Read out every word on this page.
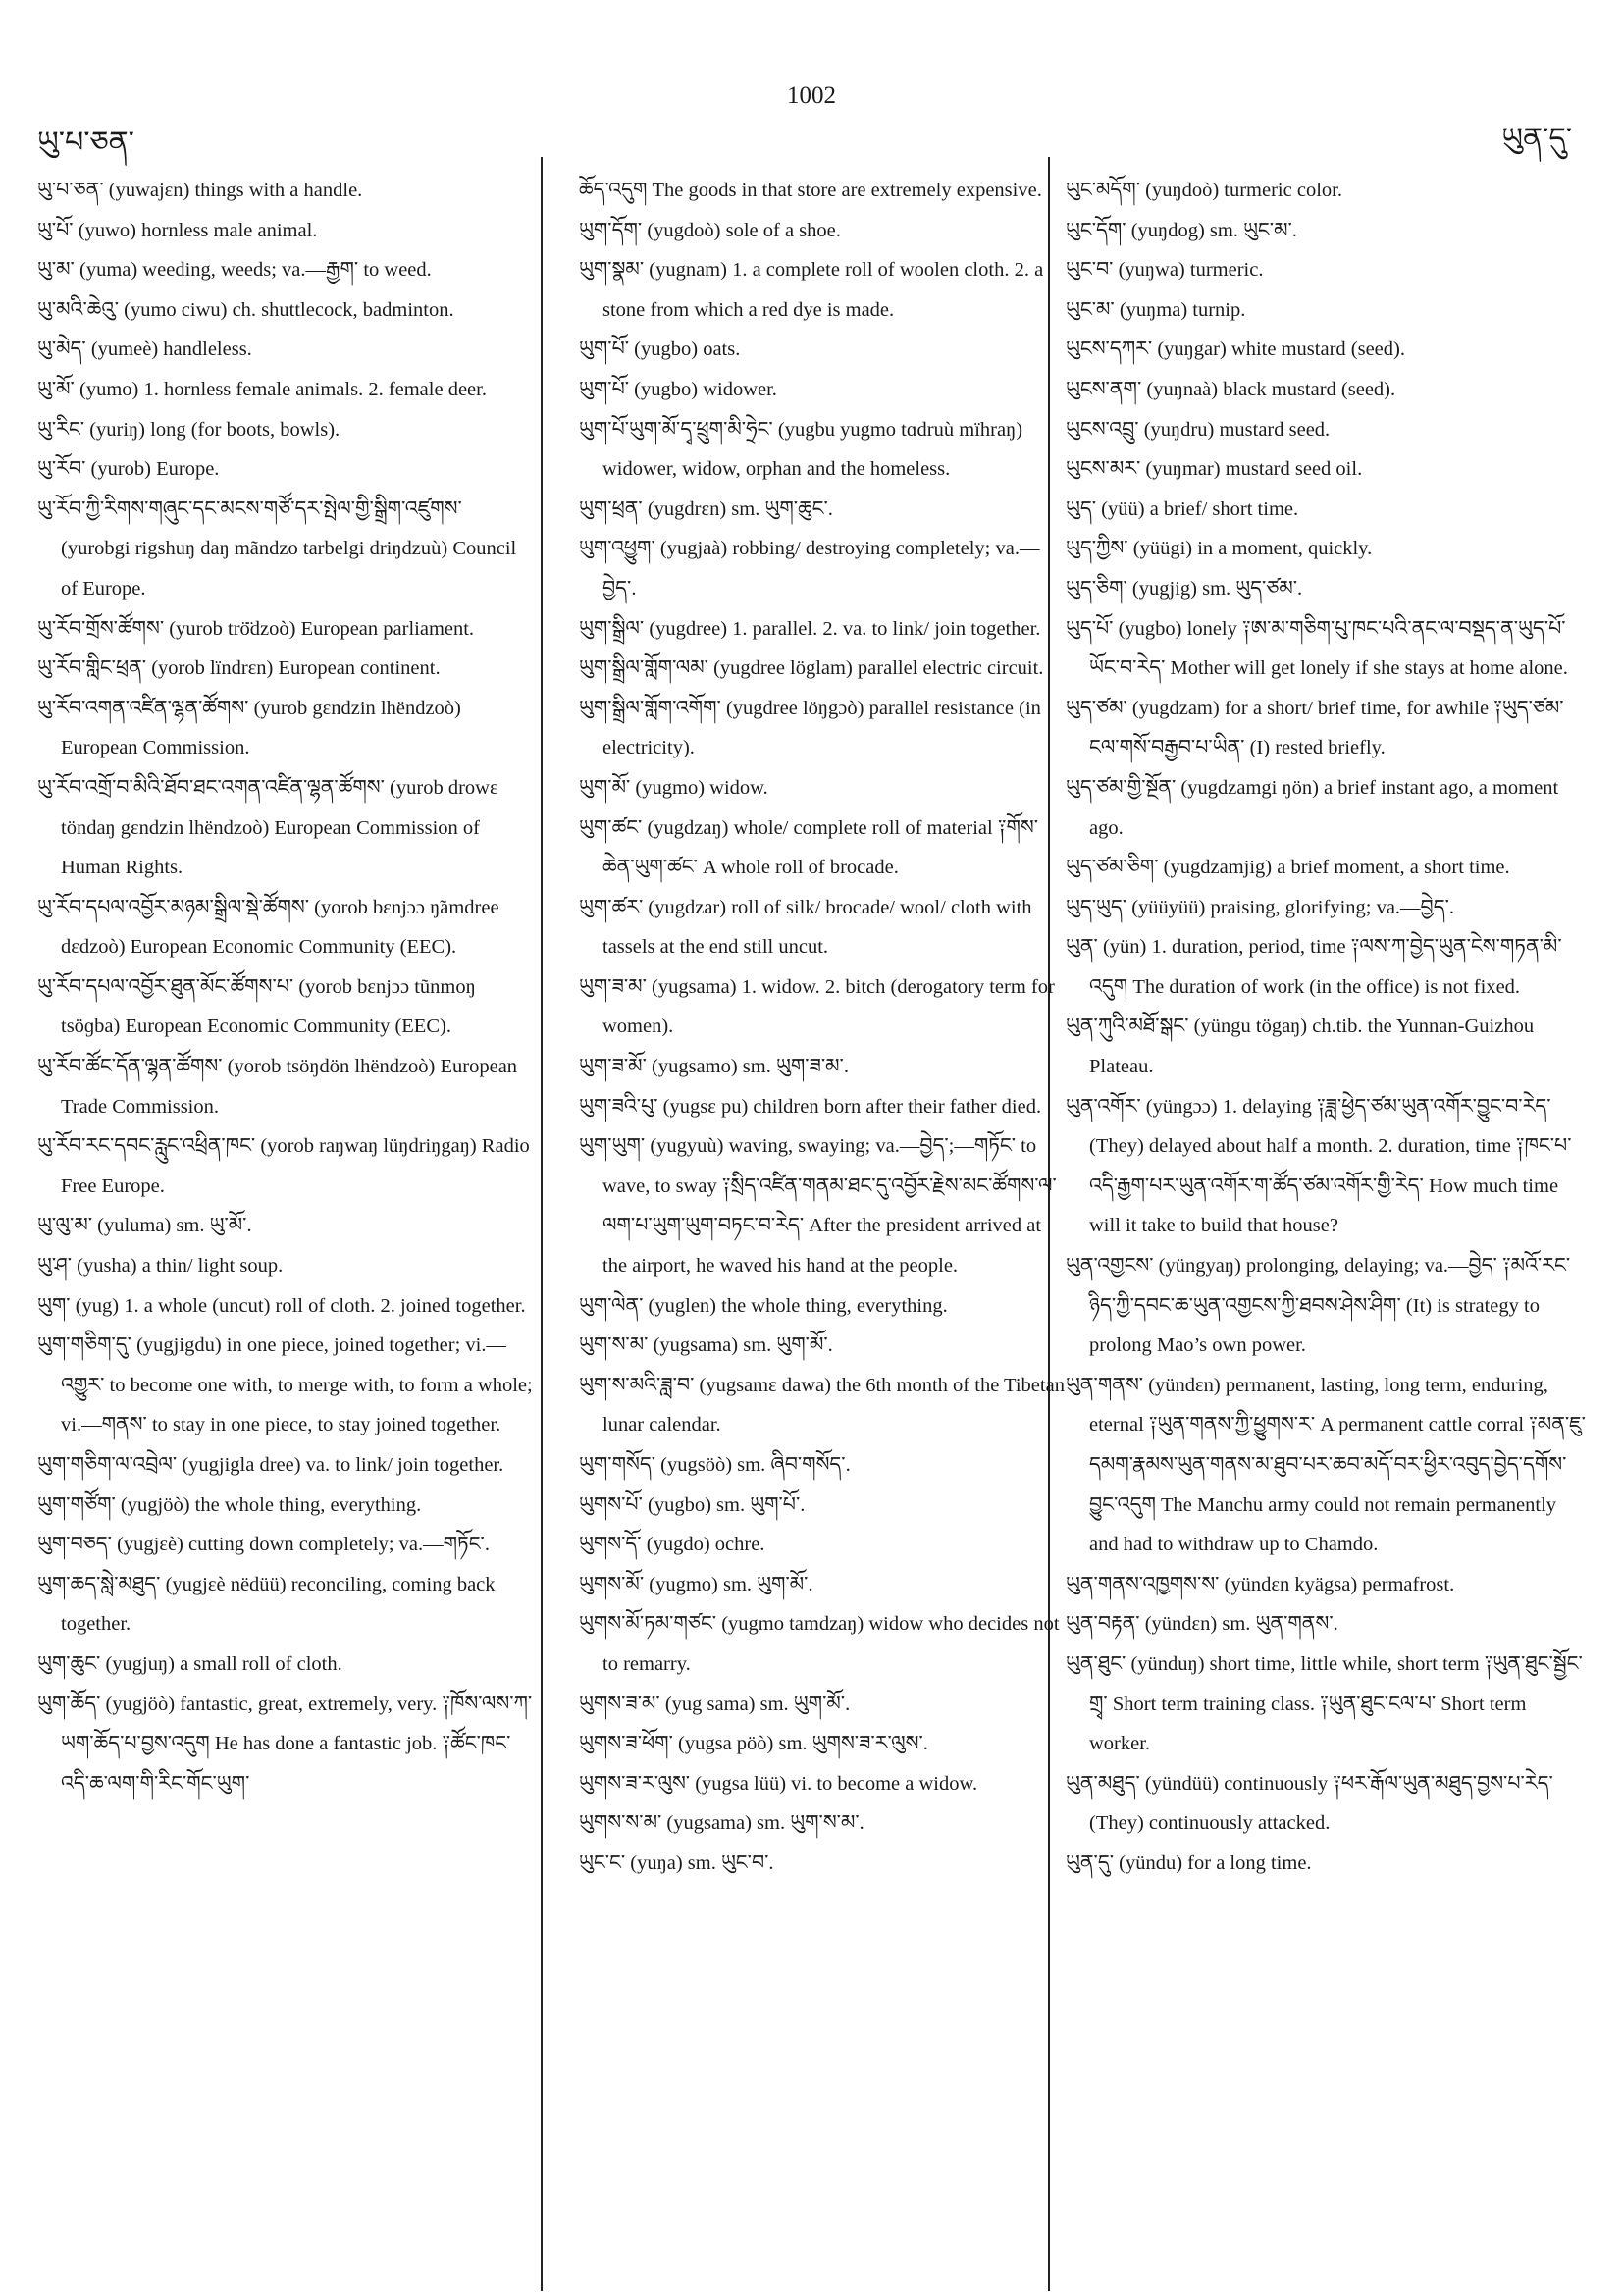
ཡུ་པ་ཅན་
1002
ཡུན་དུ་

ཡུ་པ་ཅན་ (yuwajɛn) things with a handle.

ཡུ་པོ་ (yuwo) hornless male animal.

ཡུ་མ་ (yuma) weeding, weeds; va.—རྒྱག་ to weed.

ཡུ་མའི་ཆེའུ་ (yumo ciwu) ch. shuttlecock, badminton.

ཡུ་མེད་ (yumeè) handleless.

ཡུ་མོ་ (yumo) 1. hornless female animals. 2. female deer.

ཡུ་རིང་ (yuriŋ) long (for boots, bowls).

ཡུ་རོབ་ (yurob) Europe.

ཡུ་རོབ་ཀྱི་རིགས་གཞུང་དང་མངས་གཙོ་དར་སྤེལ་གྱི་སྒྲིག་འཛུགས་ (yurobgi rigshuŋ daŋ mãndzo tarbelgi driŋdzuù) Council of Europe.

ཡུ་རོབ་གྲོས་ཚོགས་ (yurob trö̈dzoò) European parliament.

ཡུ་རོབ་གླིང་ཕྲན་ (yorob lïndrɛn) European continent.

ཡུ་རོབ་འགན་འཛིན་ལྷན་ཚོགས་ (yurob gɛndzin lhëndzoò) European Commission.

ཡུ་རོབ་འགྲོ་བ་མིའི་ཐོབ་ཐང་འགན་འཛིན་ལྷན་ཚོགས་ (yurob drowɛ töndaŋ gɛndzin lhëndzoò) European Commission of Human Rights.

ཡུ་རོབ་དཔལ་འབྱོར་མཉམ་སྒྲིལ་སྡེ་ཚོགས་ (yorob bɛnjɔɔ ŋ̃amdree dɛdzoò) European Economic Community (EEC).

ཡུ་རོབ་དཔལ་འབྱོར་ཐུན་མོང་ཚོགས་པ་ (yorob bɛnjɔɔ tũnmoŋ tsöɡba) European Economic Community (EEC).

ཡུ་རོབ་ཚོང་དོན་ལྷན་ཚོགས་ (yorob tsöŋdön lhëndzoò) European Trade Commission.

ཡུ་རོབ་རང་དབང་རླུང་འཕྲིན་ཁང་ (yorob raŋwaŋ lüŋdriŋgaŋ) Radio Free Europe.

ཡུ་ལུ་མ་ (yuluma) sm. ཡུ་མོ་.

ཡུ་ཤ་ (yusha) a thin/ light soup.

ཡུག་ (yug) 1. a whole (uncut) roll of cloth. 2. joined together.

ཡུག་གཅིག་དུ་ (yugjigdu) in one piece, joined together; vi.—འགྱུར་ to become one with, to merge with, to form a whole; vi.—གནས་ to stay in one piece, to stay joined together.

ཡུག་གཅིག་ལ་འབྲེལ་ (yugjigla dree) va. to link/ join together.

ཡུག་གཙོག་ (yugjöò) the whole thing, everything.

ཡུག་བཅད་ (yugjɛè) cutting down completely; va.—གཏོང་.

ཡུག་ཆད་སླེ་མཐུད་ (yugjɛè nëdüü) reconciling, coming back together.

ཡུག་ཆུང་ (yugjuŋ) a small roll of cloth.

ཡུག་ཆོད་ (yugjöò) fantastic, great, extremely, very. ༑ཁོས་ལས་ཀ་ཡག་ཆོད་པ་བྱས་འདུག He has done a fantastic job. ༑ཚོང་ཁང་འདི་ཆ་ལག་གི་རིང་གོང་ཡུག་

ཆོད་འདུག The goods in that store are extremely expensive.

ཡུག་དོག་ (yugdoò) sole of a shoe.

ཡུག་སྣམ་ (yugnam) 1. a complete roll of woolen cloth. 2. a stone from which a red dye is made.

ཡུག་པོ་ (yugbo) oats.

ཡུག་པོ་ (yugbo) widower.

ཡུག་པོ་ཡུག་མོ་དྭ་ཕྲུག་མི་ཧྲེང་ (yugbu yugmo tɑdruù mïhraŋ) widower, widow, orphan and the homeless.

ཡུག་ཕྲན་ (yugdrɛn) sm. ཡུག་ཆུང་.

ཡུག་འཕྱུག་ (yugjaà) robbing/ destroying completely; va.—བྱེད་.

ཡུག་སྒྲིལ་ (yugdree) 1. parallel. 2. va. to link/ join together.

ཡུག་སྒྲིལ་གློག་ལམ་ (yugdree löglam) parallel electric circuit.

ཡུག་སྒྲིལ་གློག་འགོག་ (yugdree löŋgɔò) parallel resistance (in electricity).

ཡུག་མོ་ (yugmo) widow.

ཡུག་ཚང་ (yugdzaŋ) whole/ complete roll of material ༑གོས་ཆེན་ཡུག་ཚང་ A whole roll of brocade.

ཡུག་ཚར་ (yugdzar) roll of silk/ brocade/ wool/ cloth with tassels at the end still uncut.

ཡུག་ཟ་མ་ (yugsama) 1. widow. 2. bitch (derogatory term for women).

ཡུག་ཟ་མོ་ (yugsamo) sm. ཡུག་ཟ་མ་.

ཡུག་ཟའི་པུ་ (yugsɛ pu) children born after their father died.

ཡུག་ཡུག་ (yugyuù) waving, swaying; va.—བྱེད་;—གཏོང་ to wave, to sway ༑སྲིད་འཛིན་གནམ་ཐང་དུ་འབྱོར་རྗེས་མང་ཚོགས་ལ་ལག་པ་ཡུག་ཡུག་བཏང་བ་རེད་ After the president arrived at the airport, he waved his hand at the people.

ཡུག་ལེན་ (yuglen) the whole thing, everything.

ཡུག་ས་མ་ (yugsama) sm. ཡུག་མོ་.

ཡུག་ས་མའི་ཟླ་བ་ (yugsamɛ dawa) the 6th month of the Tibetan lunar calendar.

ཡུག་གསོད་ (yugsöò) sm. ཞིབ་གསོད་.

ཡུགས་པོ་ (yugbo) sm. ཡུག་པོ་.

ཡུགས་དོ་ (yugdo) ochre.

ཡུགས་མོ་ (yugmo) sm. ཡུག་མོ་.

ཡུགས་མོ་ཏམ་གཙང་ (yugmo tamdzaŋ) widow who decides not to remarry.

ཡུགས་ཟ་མ་ (yug sama) sm. ཡུག་མོ་.

ཡུགས་ཟ་ཕོག་ (yugsa pöò) sm. ཡུགས་ཟ་ར་ལུས་.

ཡུགས་ཟ་ར་ལུས་ (yugsa lüü) vi. to become a widow.

ཡུགས་ས་མ་ (yugsama) sm. ཡུག་ས་མ་.

ཡུང་ང་ (yuŋa) sm. ཡུང་བ་.

ཡུང་མདོག་ (yuŋdoò) turmeric color.

ཡུང་དོག་ (yuŋdog) sm. ཡུང་མ་.

ཡུང་བ་ (yuŋwa) turmeric.

ཡུང་མ་ (yuŋma) turnip.

ཡུངས་དཀར་ (yuŋgar) white mustard (seed).

ཡུངས་ནག་ (yuŋnaà) black mustard (seed).

ཡུངས་འབྲུ་ (yuŋdru) mustard seed.

ཡུངས་མར་ (yuŋmar) mustard seed oil.

ཡུད་ (yüü) a brief/ short time.

ཡུད་ཀྱིས་ (yüügi) in a moment, quickly.

ཡུད་ཅིག་ (yugjig) sm. ཡུད་ཙམ་.

ཡུད་པོ་ (yugbo) lonely ༑ཨ་མ་གཅིག་པུ་ཁང་པའི་ནང་ལ་བསྡད་ན་ཡུད་པོ་ཡོང་བ་རེད་ Mother will get lonely if she stays at home alone.

ཡུད་ཙམ་ (yugdzam) for a short/ brief time, for awhile ༑ཡུད་ཙམ་ངལ་གསོ་བརྒྱབ་པ་ཡིན་ (I) rested briefly.

ཡུད་ཙམ་གྱི་སྔོན་ (yugdzamgi ŋön) a brief instant ago, a moment ago.

ཡུད་ཙམ་ཅིག་ (yugdzamjig) a brief moment, a short time.

ཡུད་ཡུད་ (yüüyüü) praising, glorifying; va.—བྱེད་.

ཡུན་ (yün) 1. duration, period, time ༑ལས་ཀ་བྱེད་ཡུན་ངེས་གཏན་མི་འདུག The duration of work (in the office) is not fixed.

ཡུན་ཀུའི་མཐོ་སྒང་ (yüngu tögaŋ) ch.tib. the Yunnan-Guizhou Plateau.

ཡུན་འགོར་ (yüngɔɔ) 1. delaying ༑ཟླ་ཕྱེད་ཙམ་ཡུན་འགོར་བྱུང་བ་རེད་ (They) delayed about half a month. 2. duration, time ༑ཁང་པ་འདི་རྒྱག་པར་ཡུན་འགོར་ག་ཚོད་ཙམ་འགོར་གྱི་རེད་ How much time will it take to build that house?

ཡུན་འགྱངས་ (yüngyaŋ) prolonging, delaying; va.—བྱེད་ ༑མའོ་རང་ཉིད་ཀྱི་དབང་ཆ་ཡུན་འགྱངས་ཀྱི་ཐབས་ཤེས་ཤིག་ (It) is strategy to prolong Mao’s own power.

ཡུན་གནས་ (yündɛn) permanent, lasting, long term, enduring, eternal ༑ཡུན་གནས་ཀྱི་ཕྱུགས་ར་ A permanent cattle corral ༑མན་ཇུ་དམག་རྣམས་ཡུན་གནས་མ་ཐུབ་པར་ཆབ་མདོ་བར་ཕྱིར་འབུད་བྱེད་དགོས་བྱུང་འདུག The Manchu army could not remain permanently and had to withdraw up to Chamdo.

ཡུན་གནས་འཁྱགས་ས་ (yündɛn kyägsa) permafrost.

ཡུན་བརྟན་ (yündɛn) sm. ཡུན་གནས་.

ཡུན་ཐུང་ (yünduŋ) short time, little while, short term ༑ཡུན་ཐུང་སྦྱོང་གྲྭ་ Short term training class. ༑ཡུན་ཐུང་ངལ་པ་ Short term worker.

ཡུན་མཐུད་ (yündüü) continuously ༑ཕར་རྒོལ་ཡུན་མཐུད་བྱས་པ་རེད་ (They) continuously attacked.

ཡུན་དུ་ (yündu) for a long time.
